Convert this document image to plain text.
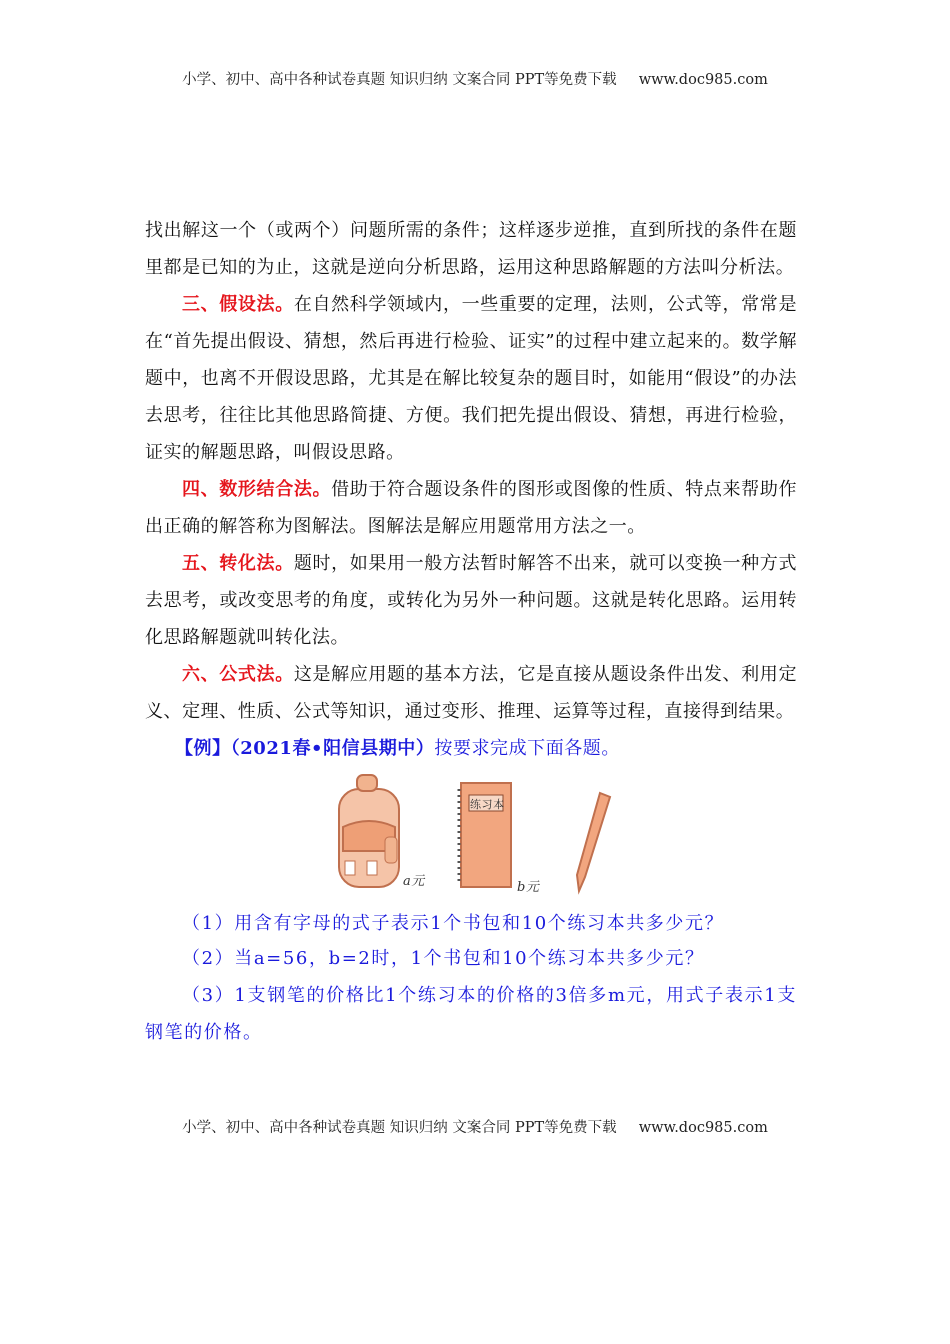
小学、初中、高中各种试卷真题 知识归纳 文案合同 PPT等免费下载 www.doc985.com

找出解这一个（或两个）问题所需的条件；这样逐步逆推，直到所找的条件在题里都是已知的为止，这就是逆向分析思路，运用这种思路解题的方法叫分析法。

三、假设法。在自然科学领域内，一些重要的定理，法则，公式等，常常是在“首先提出假设、猜想，然后再进行检验、证实”的过程中建立起来的。数学解题中，也离不开假设思路，尤其是在解比较复杂的题目时，如能用“假设”的办法去思考，往往比其他思路简捷、方便。我们把先提出假设、猜想，再进行检验，证实的解题思路，叫假设思路。

四、数形结合法。借助于符合题设条件的图形或图像的性质、特点来帮助作出正确的解答称为图解法。图解法是解应用题常用方法之一。

五、转化法。题时，如果用一般方法暂时解答不出来，就可以变换一种方式去思考，或改变思考的角度，或转化为另外一种问题。这就是转化思路。运用转化思路解题就叫转化法。

六、公式法。这是解应用题的基本方法，它是直接从题设条件出发、利用定义、定理、性质、公式等知识，通过变形、推理、运算等过程，直接得到结果。

【例】（2021春•阳信县期中）按要求完成下面各题。

a元
练习本
b元

（1）用含有字母的式子表示1个书包和10个练习本共多少元？

（2）当a=56，b=2时，1个书包和10个练习本共多少元？

（3）1支钢笔的价格比1个练习本的价格的3倍多m元，用式子表示1支钢笔的价格。

小学、初中、高中各种试卷真题 知识归纳 文案合同 PPT等免费下载 www.doc985.com
